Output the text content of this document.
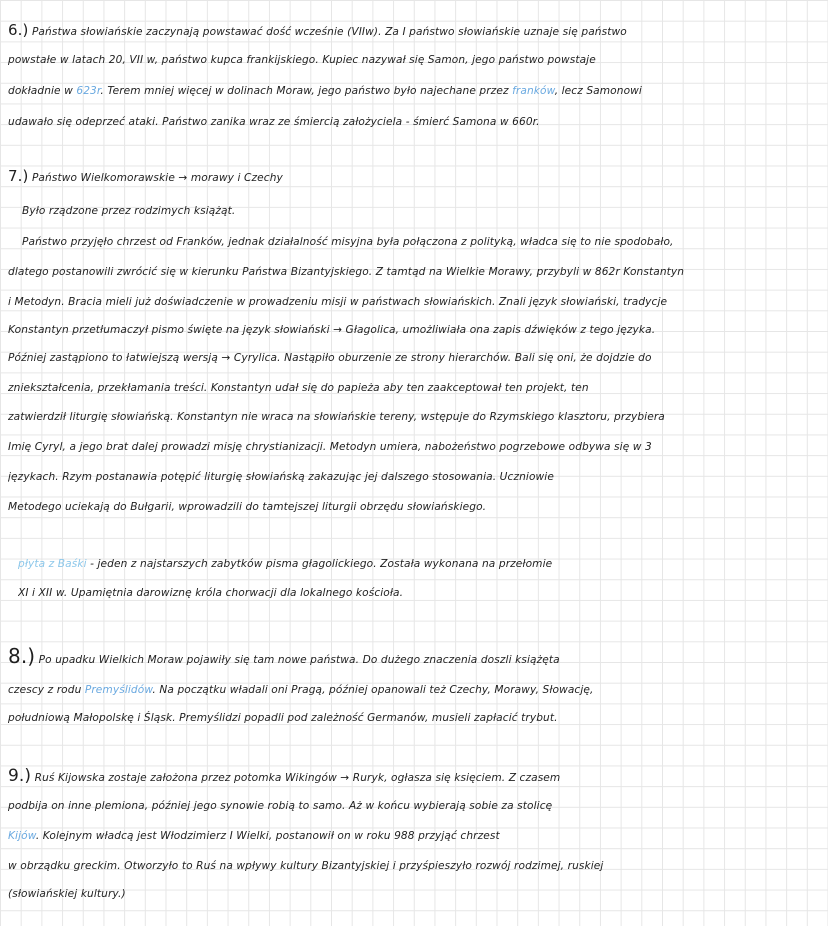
6.) Państwa słowiańskie zaczynają powstawać dość wcześnie (VIIw). Za I państwo słowiańskie uznaje się państwo
powstałe w latach 20, VII w, państwo kupca frankijskiego. Kupiec nazywał się Samon, jego państwo powstaje
dokładnie w 623r. Terem mniej więcej w dolinach Moraw, jego państwo było najechane przez franków, lecz Samonowi
udawało się odeprzeć ataki. Państwo zanika wraz ze śmiercią założyciela - śmierć Samona w 660r.
7.) Państwo Wielkomorawskie → morawy i Czechy
Było rządzone przez rodzimych książąt.
Państwo przyjęło chrzest od Franków, jednak działalność misyjna była połączona z polityką, władca się to nie spodobało,
dlatego postanowili zwrócić się w kierunku Państwa Bizantyjskiego. Z tamtąd na Wielkie Morawy, przybyli w 862r Konstantyn
i Metodyn. Bracia mieli już doświadczenie w prowadzeniu misji w państwach słowiańskich. Znali język słowiański, tradycje
Konstantyn przetłumaczył pismo święte na język słowiański → Głagolica, umożliwiała ona zapis dźwięków z tego języka.
Później zastąpiono to łatwiejszą wersją → Cyrylica. Nastąpiło oburzenie ze strony hierarchów. Bali się oni, że dojdzie do
zniekształcenia, przekłamania treści. Konstantyn udał się do papieża aby ten zaakceptował ten projekt, ten
zatwierdził liturgię słowiańską. Konstantyn nie wraca na słowiańskie tereny, wstępuje do Rzymskiego klasztoru, przybiera
Imię Cyryl, a jego brat dalej prowadzi misję chrystianizacji. Metodyn umiera, nabożeństwo pogrzebowe odbywa się w 3
językach. Rzym postanawia potępić liturgię słowiańską zakazując jej dalszego stosowania. Uczniowie
Metodego uciekają do Bułgarii, wprowadzili do tamtejszej liturgii obrzędu słowiańskiego.
płyta z Baśki - jeden z najstarszych zabytków pisma głagolickiego. Została wykonana na przełomie
XI i XII w. Upamiętnia darowiznę króla chorwacji dla lokalnego kościoła.
8.) Po upadku Wielkich Moraw pojawiły się tam nowe państwa. Do dużego znaczenia doszli książęta
czescy z rodu Premyślidów. Na początku władali oni Pragą, później opanowali też Czechy, Morawy, Słowację,
południową Małopolskę i Śląsk. Premyślidzi popadli pod zależność Germanów, musieli zapłacić trybut.
9.) Ruś Kijowska zostaje założona przez potomka Wikingów → Ruryk, ogłasza się księciem. Z czasem
podbija on inne plemiona, później jego synowie robią to samo. Aż w końcu wybierają sobie za stolicę
Kijów. Kolejnym władcą jest Włodzimierz I Wielki, postanowił on w roku 988 przyjąć chrzest
w obrządku greckim. Otworzyło to Ruś na wpływy kultury Bizantyjskiej i przyśpieszyło rozwój rodzimej, ruskiej
(słowiańskiej kultury.)
